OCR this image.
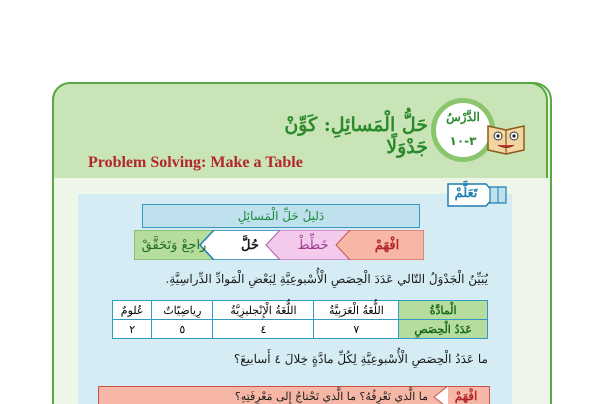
حَلُّ الْمَسائِلِ: كَوِّنْ جَدْوَلًا
Problem Solving: Make a Table
الدَّرْسُ
٣-١٠
تَعَلَّمْ
دَليلُ حَلِّ الْمَسائِلِ
افْهَمْ
خَطِّطْ
حُلَّ
راجِعْ وَتَحَقَّقْ
يُبَيِّنُ الْجَدْوَلُ التّالي عَدَدَ الْحِصَصِ الْأُسْبوعِيَّةِ لِبَعْضِ الْمَوادِّ الدِّراسِيَّةِ.
الْمادَّةُ	اللُّغَةُ الْعَرَبِيَّةُ	اللُّغَةُ الْإِنْجليزِيَّةُ	رِياضِيّاتٌ	عُلومٌ
عَدَدُ الْحِصَصِ	٧	٤	٥	٢
ما عَدَدُ الْحِصَصِ الْأُسْبوعِيَّةِ لِكُلِّ مادَّةٍ خِلالَ ٤ أَسابيعَ؟
افْهَمْ
ما الَّذي تَعْرِفُهُ؟ ما الَّذي تَحْتاجُ إِلى مَعْرِفَتِهِ؟
